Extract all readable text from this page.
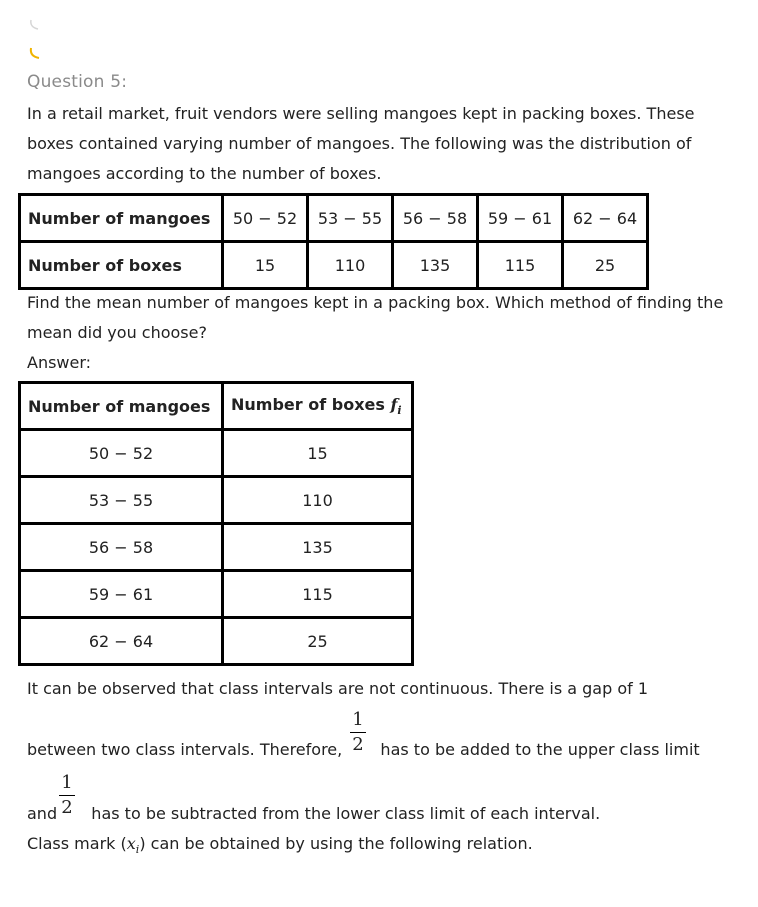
Question 5:
In a retail market, fruit vendors were selling mangoes kept in packing boxes. These boxes contained varying number of mangoes. The following was the distribution of mangoes according to the number of boxes.
Number of mangoes	50 − 52	53 − 55	56 − 58	59 − 61	62 − 64
Number of boxes	15	110	135	115	25
Find the mean number of mangoes kept in a packing box. Which method of finding the mean did you choose?
Answer:
Number of mangoes	Number of boxes $f_i$
50 − 52	15
53 − 55	110
56 − 58	135
59 − 61	115
62 − 64	25
It can be observed that class intervals are not continuous. There is a gap of 1
between two class intervals. Therefore, has to be added to the upper class limit
1
2
and has to be subtracted from the lower class limit of each interval.
1
2
Class mark $(x_i)$ can be obtained by using the following relation.
